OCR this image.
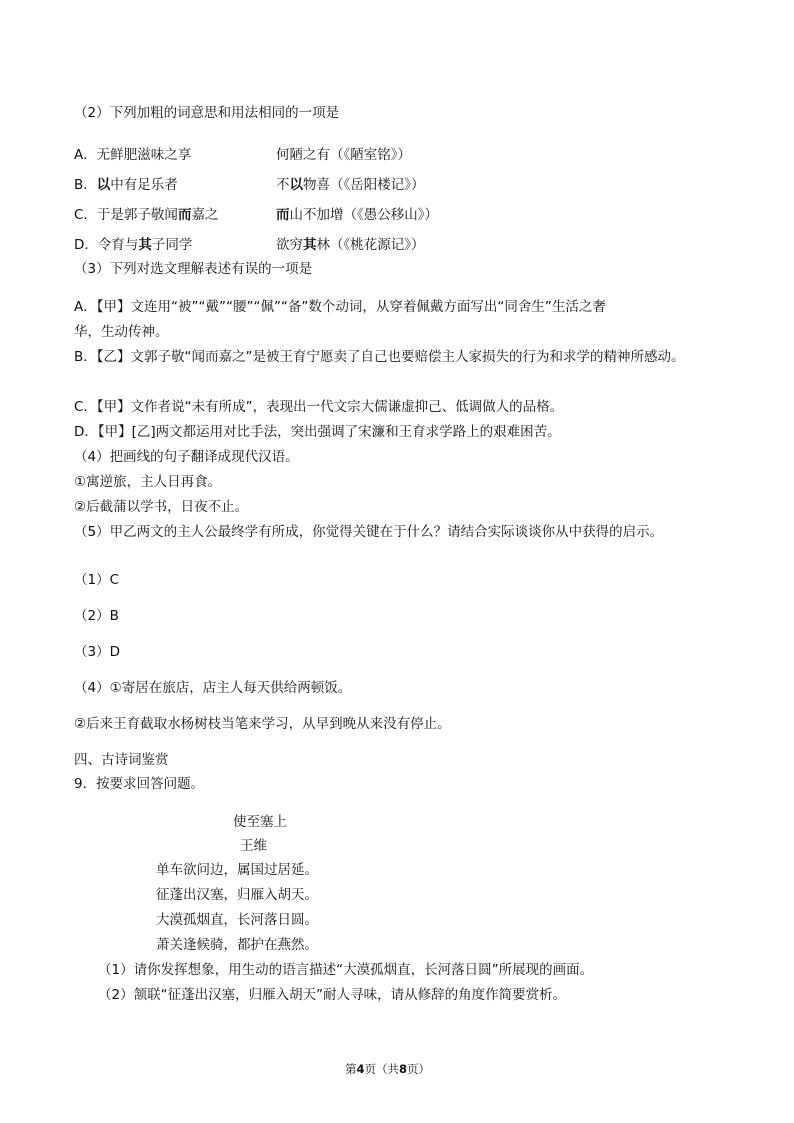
（2）下列加粗的词意思和用法相同的一项是
A．无鲜肥滋味之享	何陋之有（《陋室铭》）
B．以中有足乐者	不以物喜（《岳阳楼记》）
C．于是郭子敬闻而嘉之	而山不加增（《愚公移山》）
D．令育与其子同学	欲穷其林（《桃花源记》）
（3）下列对选文理解表述有误的一项是
A．【甲】文连用“被”“戴”“腰”“佩”“备”数个动词，从穿着佩戴方面写出“同舍生”生活之奢
华，生动传神。
B．【乙】文郭子敬“闻而嘉之”是被王育宁愿卖了自己也要赔偿主人家损失的行为和求学的精神所感动。
C．【甲】文作者说“未有所成”，表现出一代文宗大儒谦虚抑己、低调做人的品格。
D．【甲】[乙]两文都运用对比手法，突出强调了宋濂和王育求学路上的艰难困苦。
（4）把画线的句子翻译成现代汉语。
①寓逆旅，主人日再食。
②后截蒲以学书，日夜不止。
（5）甲乙两文的主人公最终学有所成，你觉得关键在于什么？请结合实际谈谈你从中获得的启示。
（1）C
（2）B
（3）D
（4）①寄居在旅店，店主人每天供给两顿饭。
②后来王育截取水杨树枝当笔来学习，从早到晚从来没有停止。
四、古诗词鉴赏
9．按要求回答问题。
使至塞上
王维
单车欲问边，属国过居延。
征蓬出汉塞，归雁入胡天。
大漠孤烟直，长河落日圆。
萧关逢候骑，都护在燕然。
（1）请你发挥想象，用生动的语言描述“大漠孤烟直，长河落日圆”所展现的画面。
（2）颔联“征蓬出汉塞，归雁入胡天”耐人寻味，请从修辞的角度作简要赏析。
第4页（共8页）
